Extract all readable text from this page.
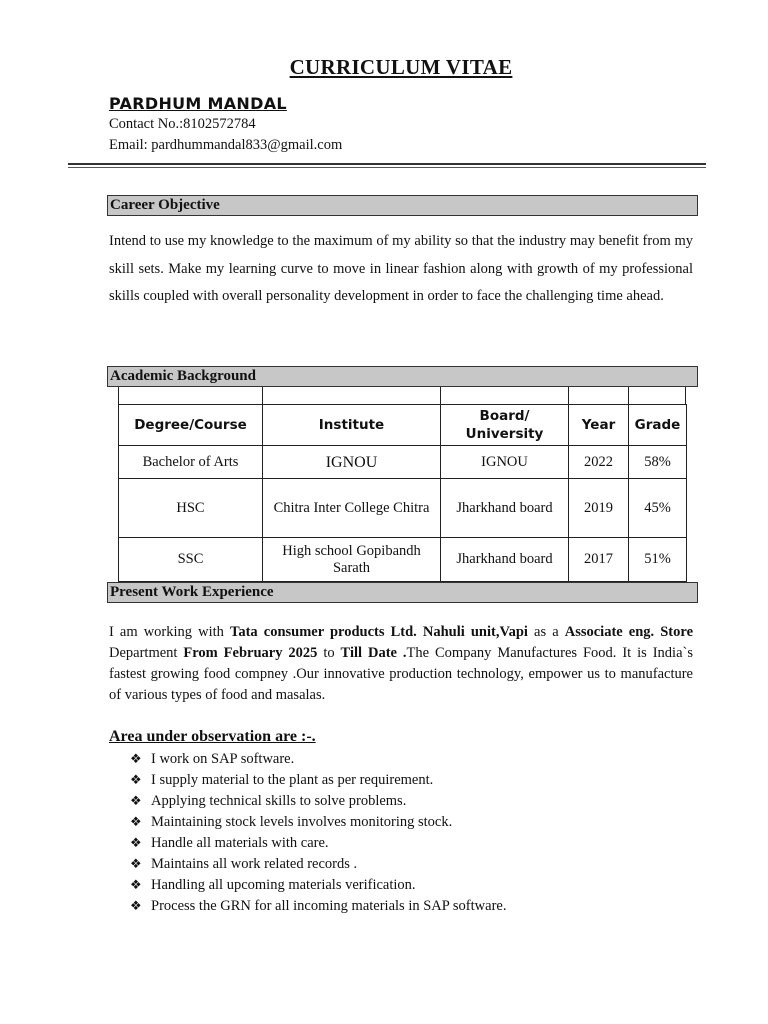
CURRICULUM VITAE
PARDHUM MANDAL
Contact No.:8102572784
Email: pardhummandal833@gmail.com
Career Objective
Intend to use my knowledge to the maximum of my ability so that the industry may benefit from my skill sets. Make my learning curve to move in linear fashion along with growth of my professional skills coupled with overall personality development in order to face the challenging time ahead.
Academic Background
Degree/Course	Institute	Board/ University	Year	Grade
Bachelor of Arts	IGNOU	IGNOU	2022	58%
HSC	Chitra Inter College Chitra	Jharkhand board	2019	45%
SSC	High school Gopibandh Sarath	Jharkhand board	2017	51%
Present Work Experience
I am working with Tata consumer products Ltd. Nahuli unit,Vapi as a Associate eng. Store Department From February 2025 to Till Date .The Company Manufactures Food. It is India`s fastest growing food compney .Our innovative production technology, empower us to manufacture of various types of food and masalas.
Area under observation are :-.
❖ I work on SAP software.
❖ I supply material to the plant as per requirement.
❖ Applying technical skills to solve problems.
❖ Maintaining stock levels involves monitoring stock.
❖ Handle all materials with care.
❖ Maintains all work related records .
❖ Handling all upcoming materials verification.
❖ Process the GRN for all incoming materials in SAP software.
